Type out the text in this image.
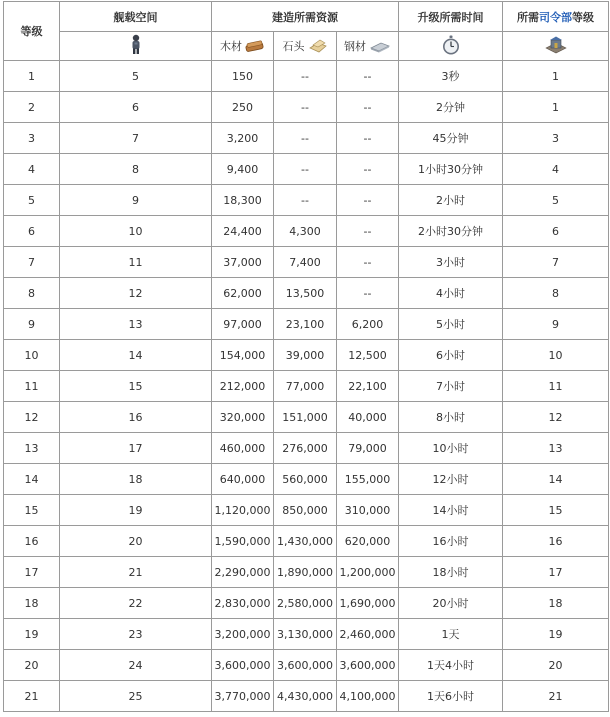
等级	舰载空间	建造所需资源			升级所需时间	所需司令部等级

木材	石头	钢材

1	5	150	--	--	3秒	1
2	6	250	--	--	2分钟	1
3	7	3,200	--	--	45分钟	3
4	8	9,400	--	--	1小时30分钟	4
5	9	18,300	--	--	2小时	5
6	10	24,400	4,300	--	2小时30分钟	6
7	11	37,000	7,400	--	3小时	7
8	12	62,000	13,500	--	4小时	8
9	13	97,000	23,100	6,200	5小时	9
10	14	154,000	39,000	12,500	6小时	10
11	15	212,000	77,000	22,100	7小时	11
12	16	320,000	151,000	40,000	8小时	12
13	17	460,000	276,000	79,000	10小时	13
14	18	640,000	560,000	155,000	12小时	14
15	19	1,120,000	850,000	310,000	14小时	15
16	20	1,590,000	1,430,000	620,000	16小时	16
17	21	2,290,000	1,890,000	1,200,000	18小时	17
18	22	2,830,000	2,580,000	1,690,000	20小时	18
19	23	3,200,000	3,130,000	2,460,000	1天	19
20	24	3,600,000	3,600,000	3,600,000	1天4小时	20
21	25	3,770,000	4,430,000	4,100,000	1天6小时	21
